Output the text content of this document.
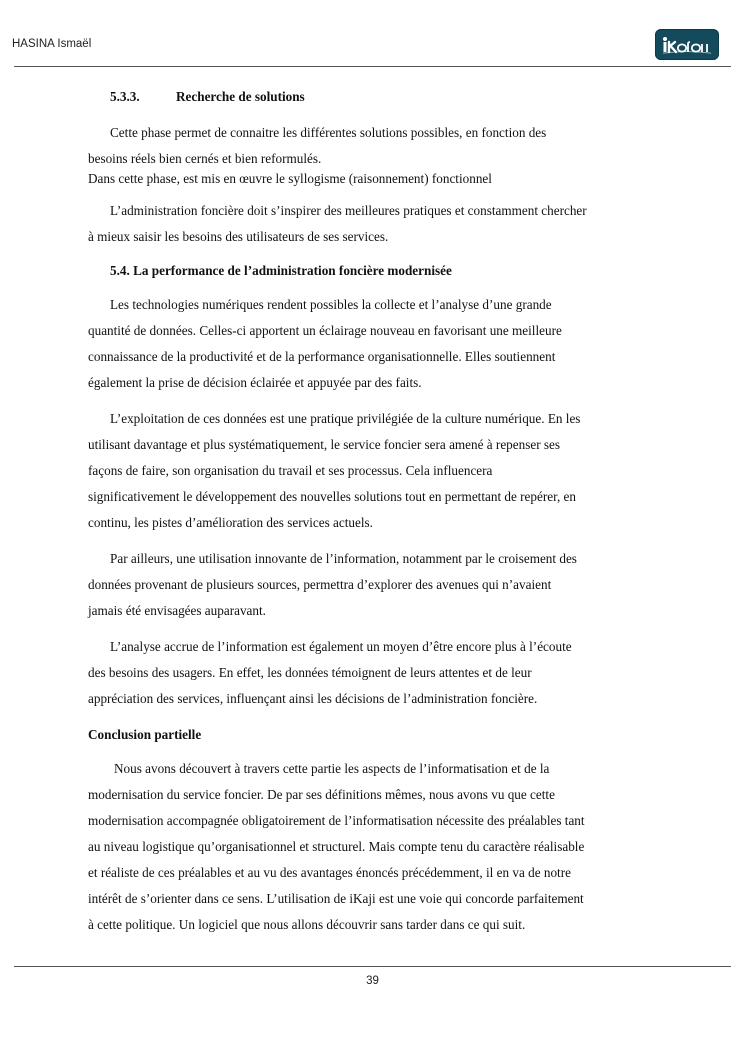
HASINA Ismaël
5.3.3.	Recherche de solutions

Cette phase permet de connaitre les différentes solutions possibles, en fonction des
besoins réels bien cernés et bien reformulés.
Dans cette phase, est mis en œuvre le syllogisme (raisonnement) fonctionnel

L’administration foncière doit s’inspirer des meilleures pratiques et constamment chercher
à mieux saisir les besoins des utilisateurs de ses services.

5.4. La performance de l’administration foncière modernisée

Les technologies numériques rendent possibles la collecte et l’analyse d’une grande
quantité de données. Celles-ci apportent un éclairage nouveau en favorisant une meilleure
connaissance de la productivité et de la performance organisationnelle. Elles soutiennent
également la prise de décision éclairée et appuyée par des faits.

L’exploitation de ces données est une pratique privilégiée de la culture numérique. En les
utilisant davantage et plus systématiquement, le service foncier sera amené à repenser ses
façons de faire, son organisation du travail et ses processus. Cela influencera
significativement le développement des nouvelles solutions tout en permettant de repérer, en
continu, les pistes d’amélioration des services actuels.

Par ailleurs, une utilisation innovante de l’information, notamment par le croisement des
données provenant de plusieurs sources, permettra d’explorer des avenues qui n’avaient
jamais été envisagées auparavant.

L’analyse accrue de l’information est également un moyen d’être encore plus à l’écoute
des besoins des usagers. En effet, les données témoignent de leurs attentes et de leur
appréciation des services, influençant ainsi les décisions de l’administration foncière.

Conclusion partielle

Nous avons découvert à travers cette partie les aspects de l’informatisation et de la
modernisation du service foncier. De par ses définitions mêmes, nous avons vu que cette
modernisation accompagnée obligatoirement de l’informatisation nécessite des préalables tant
au niveau logistique qu’organisationnel et structurel. Mais compte tenu du caractère réalisable
et réaliste de ces préalables et au vu des avantages énoncés précédemment, il en va de notre
intérêt de s’orienter dans ce sens. L’utilisation de iKaji est une voie qui concorde parfaitement
à cette politique. Un logiciel que nous allons découvrir sans tarder dans ce qui suit.

39
